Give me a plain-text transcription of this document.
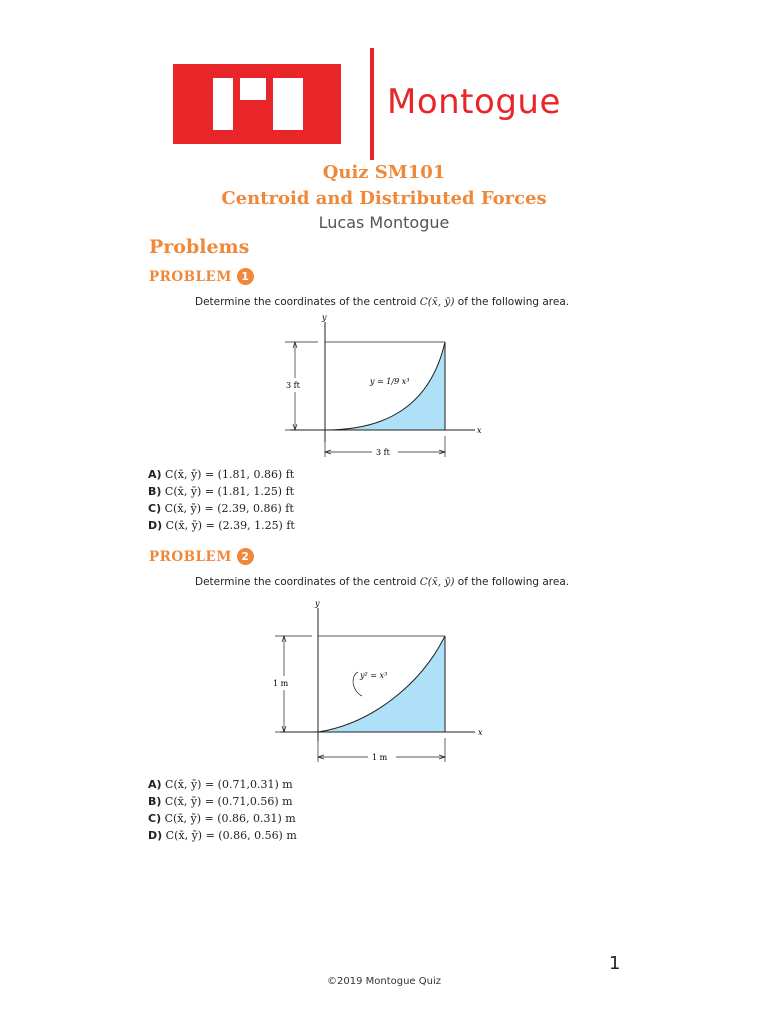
Montogue
Quiz SM101
Centroid and Distributed Forces
Lucas Montogue
Problems
PROBLEM 1
Determine the coordinates of the centroid C(x̄, ȳ) of the following area.
y
x
3 ft
3 ft
y = 1/9 x³
A) C(x̄, ȳ) = (1.81, 0.86) ft
B) C(x̄, ȳ) = (1.81, 1.25) ft
C) C(x̄, ȳ) = (2.39, 0.86) ft
D) C(x̄, ȳ) = (2.39, 1.25) ft
PROBLEM 2
Determine the coordinates of the centroid C(x̄, ȳ) of the following area.
y
x
1 m
1 m
y² = x³
A) C(x̄, ȳ) = (0.71,0.31) m
B) C(x̄, ȳ) = (0.71,0.56) m
C) C(x̄, ȳ) = (0.86, 0.31) m
D) C(x̄, ȳ) = (0.86, 0.56) m
1
©2019 Montogue Quiz
